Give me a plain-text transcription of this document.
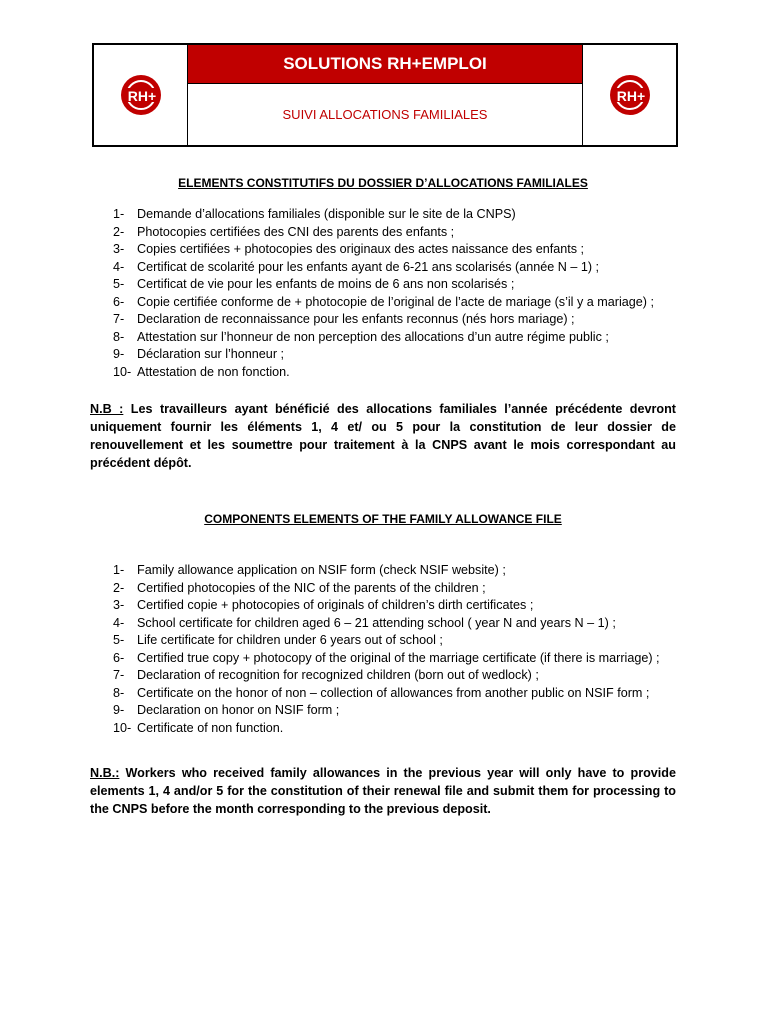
RH+
SOLUTIONS RH+EMPLOI
SUIVI ALLOCATIONS FAMILIALES
RH+

ELEMENTS CONSTITUTIFS DU DOSSIER D’ALLOCATIONS FAMILIALES

1-	Demande d’allocations familiales (disponible sur le site de la CNPS)
2-	Photocopies certifiées des CNI des parents des enfants ;
3-	Copies certifiées + photocopies des originaux des actes naissance des enfants ;
4-	Certificat de scolarité pour les enfants ayant de 6-21 ans scolarisés (année N – 1) ;
5-	Certificat de vie pour les enfants de moins de 6 ans non scolarisés ;
6-	Copie certifiée conforme de + photocopie de l’original de l’acte de mariage (s’il y a mariage) ;
7-	Declaration de reconnaissance pour les enfants reconnus (nés hors mariage) ;
8-	Attestation sur l’honneur de non perception des allocations d’un autre régime public ;
9-	Déclaration sur l’honneur ;
10- Attestation de non fonction.

N.B : Les travailleurs ayant bénéficié des allocations familiales l’année précédente devront uniquement fournir les éléments 1, 4 et/ ou 5 pour la constitution de leur dossier de renouvellement et les soumettre pour traitement à la CNPS avant le mois correspondant au précédent dépôt.

COMPONENTS ELEMENTS OF THE FAMILY ALLOWANCE FILE

1-	Family allowance application on NSIF form (check NSIF website) ;
2-	Certified photocopies of the NIC of the parents of the children ;
3-	Certified copie + photocopies of originals of children’s dirth certificates ;
4-	School certificate for children aged 6 – 21 attending school ( year N and years N – 1) ;
5-	Life certificate for children under 6 years out of school ;
6-	Certified true copy + photocopy of the original of the marriage certificate (if there is marriage) ;
7-	Declaration of recognition for recognized children (born out of wedlock) ;
8-	Certificate on the honor of non – collection of allowances from another public on NSIF form ;
9-	Declaration on honor on NSIF form ;
10- Certificate of non function.

N.B.: Workers who received family allowances in the previous year will only have to provide elements 1, 4 and/or 5 for the constitution of their renewal file and submit them for processing to the CNPS before the month corresponding to the previous deposit.
